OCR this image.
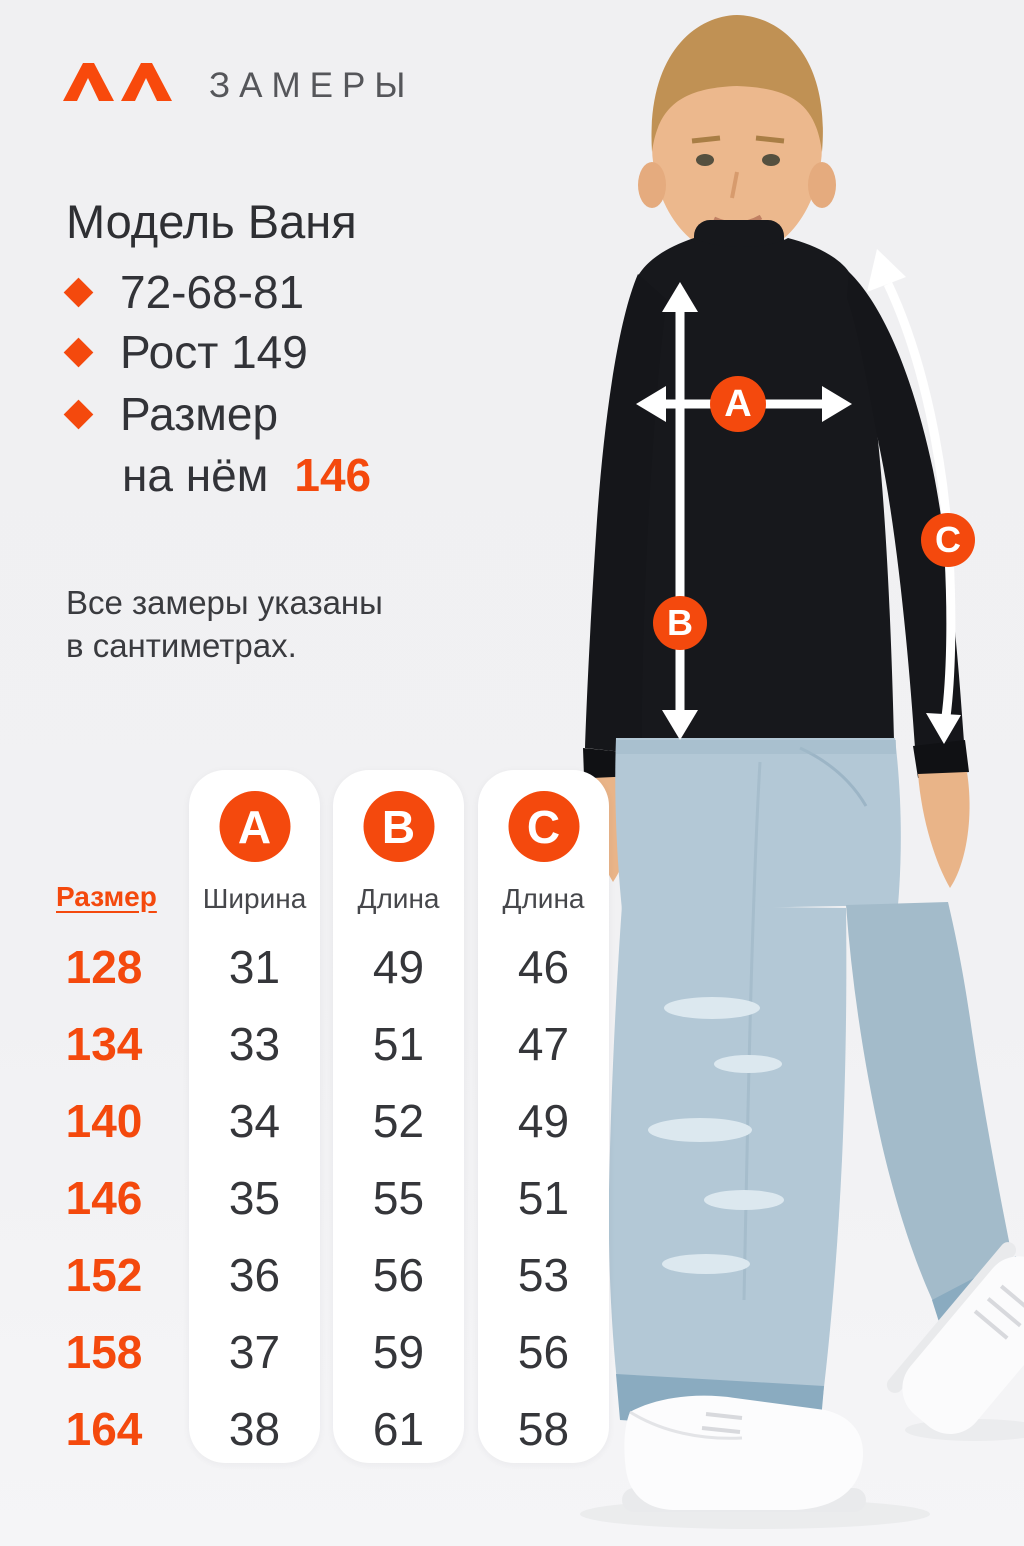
ЗАМЕРЫ
Модель Ваня
72-68-81
Рост 149
Размер
на нём 146
Все замеры указаны
в сантиметрах.
Размер
128
134
140
146
152
158
164
A
Ширина
31
33
34
35
36
37
38
B
Длина
49
51
52
55
56
59
61
C
Длина
46
47
49
51
53
56
58
A
B
C
